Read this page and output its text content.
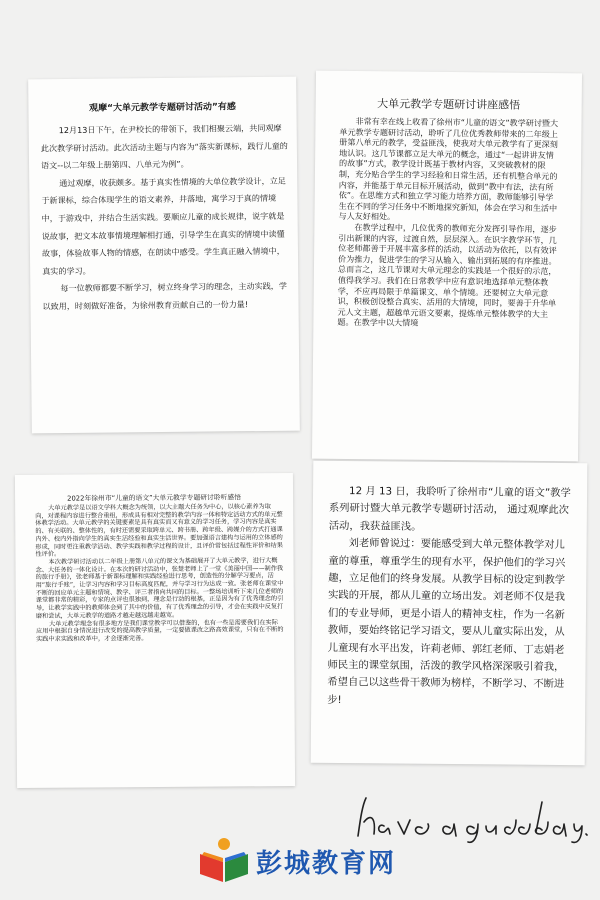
观摩“大单元教学专题研讨活动”有感

12月13日下午，在尹校长的带领下，我们相聚云端，共同观摩此次教学研讨活动。此次活动主题与内容为“落实新课标，践行儿童的语文--以二年级上册第四、八单元为例”。

通过观摩，收获颇多。基于真实性情境的大单位教学设计，立足于新课标，综合体现学生的语文素养，井落地，寓学习于真的情境中，于游戏中，并结合生活实践。要顺应儿童的成长规律，说字就是说故事，把文本故事情境理解相打通，引导学生在真实的情境中读懂故事，体验故事人物的情感，在朗读中感受。学生真正融入情境中，真实的学习。

每一位教师都要不断学习，树立终身学习的理念，主动实践，学以致用，时刻做好准备，为徐州教育贡献自己的一份力量!

大单元教学专题研讨讲座感悟

非常有幸在线上收看了徐州市“儿童的语文”教学研讨暨大单元教学专题研讨活动，聆听了几位优秀教师带来的二年级上册第八单元的教学，受益匪浅，使我对大单元教学有了更深刻地认识。这几节课都立足大单元的概念，通过“一起讲讲友情的故事”方式，教学设计既基于教材内容，又突破教材的限制，充分贴合学生的学习经验和日常生活，还有机整合单元的内容，并能基于单元目标开展活动，做到“教中有法，法有所依”。在思维方式和独立学习能力培养方面，教师能够引导学生在不同的学习任务中不断地探究新知，体会在学习和生活中与人友好相处。

在教学过程中，几位优秀的教师充分发挥引导作用，逐步引出新课的内容，过渡自然，层层深入。在识字教学环节，几位老师都善于开展丰富多样的活动，以活动为依托，以有效评价为推力，促进学生的学习从输入、输出到拓展的有序推进。总而言之，这几节课对大单元理念的实践是一个很好的示范，值得我学习。我们在日常教学中应有意识地选择单元整体教学，不应再局限于单篇课文、单个情境。还要树立大单元意识，积极创设整合真实、活用的大情境，同时，要善于升华单元人文主题，超越单元语文要素，提炼单元整体教学的大主题。在教学中以大情境

2022年徐州市“儿童的语文”大单元教学专题研讨聆听感悟

大单元教学是以语文学科大概念为统领，以大主题大任务为中心，以核心素养为取向，对课程内容进行整合重组，形成具有相对完整的教学内容一体和特定活动方式的单元整体教学活动。大单元教学的关键要素是具有真实而又有意义的学习任务，学习内容是真实的、有关联的、整体性的，有时还需要采取跨单元、跨书册、跨年级、跨媒介的方式打通课内外、校内外指向学生的真实生活经验和真实生活世界。要加强语言建构与运用的立体感的形成，同时更注重教学活动、教学实践和教学过程的设计，且评价常包括过程性评价和结果性评价。

本次教学研讨活动以二年级上册第八单元的课文为基础展开了大单元教学，进行大概念、大任务的一体化设计。在本次的研讨活动中，张楚老师上了一堂《美丽中国——制作我的旅行手册》，张老师基于新课标理解和实践经验进行思考，创造性的分解学习要点，活用“旅行手账”，让学习内容和学习目标高度匹配，并与学习行为达成一致。张老师在课堂中不断的回应单元主题和情境、教学、评三者指向共同的目标。一整场培训听下来几位老师的课堂都非常的精彩，专家的点评也很独到，理念是行动的根基，正是因为有了优秀理念的引导，让教学实践中的教师体会到了其中的价值，有了优秀理念的引导，才会在实践中反复打磨和尝试，大单元教学的道路才越走越远越走越宽。

大单元教学理念有很多地方是我们课堂教学可以借鉴的，也有一些是需要我们在实际应用中根据自身情况进行改变的提高教学质量，一定要做课改之路高效课堂，只有在不断的实践中求实践和改革中，才会逐渐完善。

12 月 13 日，我聆听了徐州市“儿童的语文”教学系列研讨暨大单元教学专题研讨活动， 通过观摩此次活动，我获益匪浅。

刘老师曾说过：要能感受到大单元整体教学对儿童的尊重，尊重学生的现有水平，保护他们的学习兴趣，立足他们的终身发展。从教学目标的设定到教学实践的开展，都从儿童的立场出发。刘老师不仅是我们的专业导师，更是小语人的精神支柱，作为一名新教师，要始终铭记学习语文，要从儿童实际出发，从儿童现有水平出发，许莉老师、郭红老师、丁志娟老师民主的课堂氛围，活泼的教学风格深深吸引着我，希望自己以这些骨干教师为榜样，不断学习、不断进步!

彭城教育网
